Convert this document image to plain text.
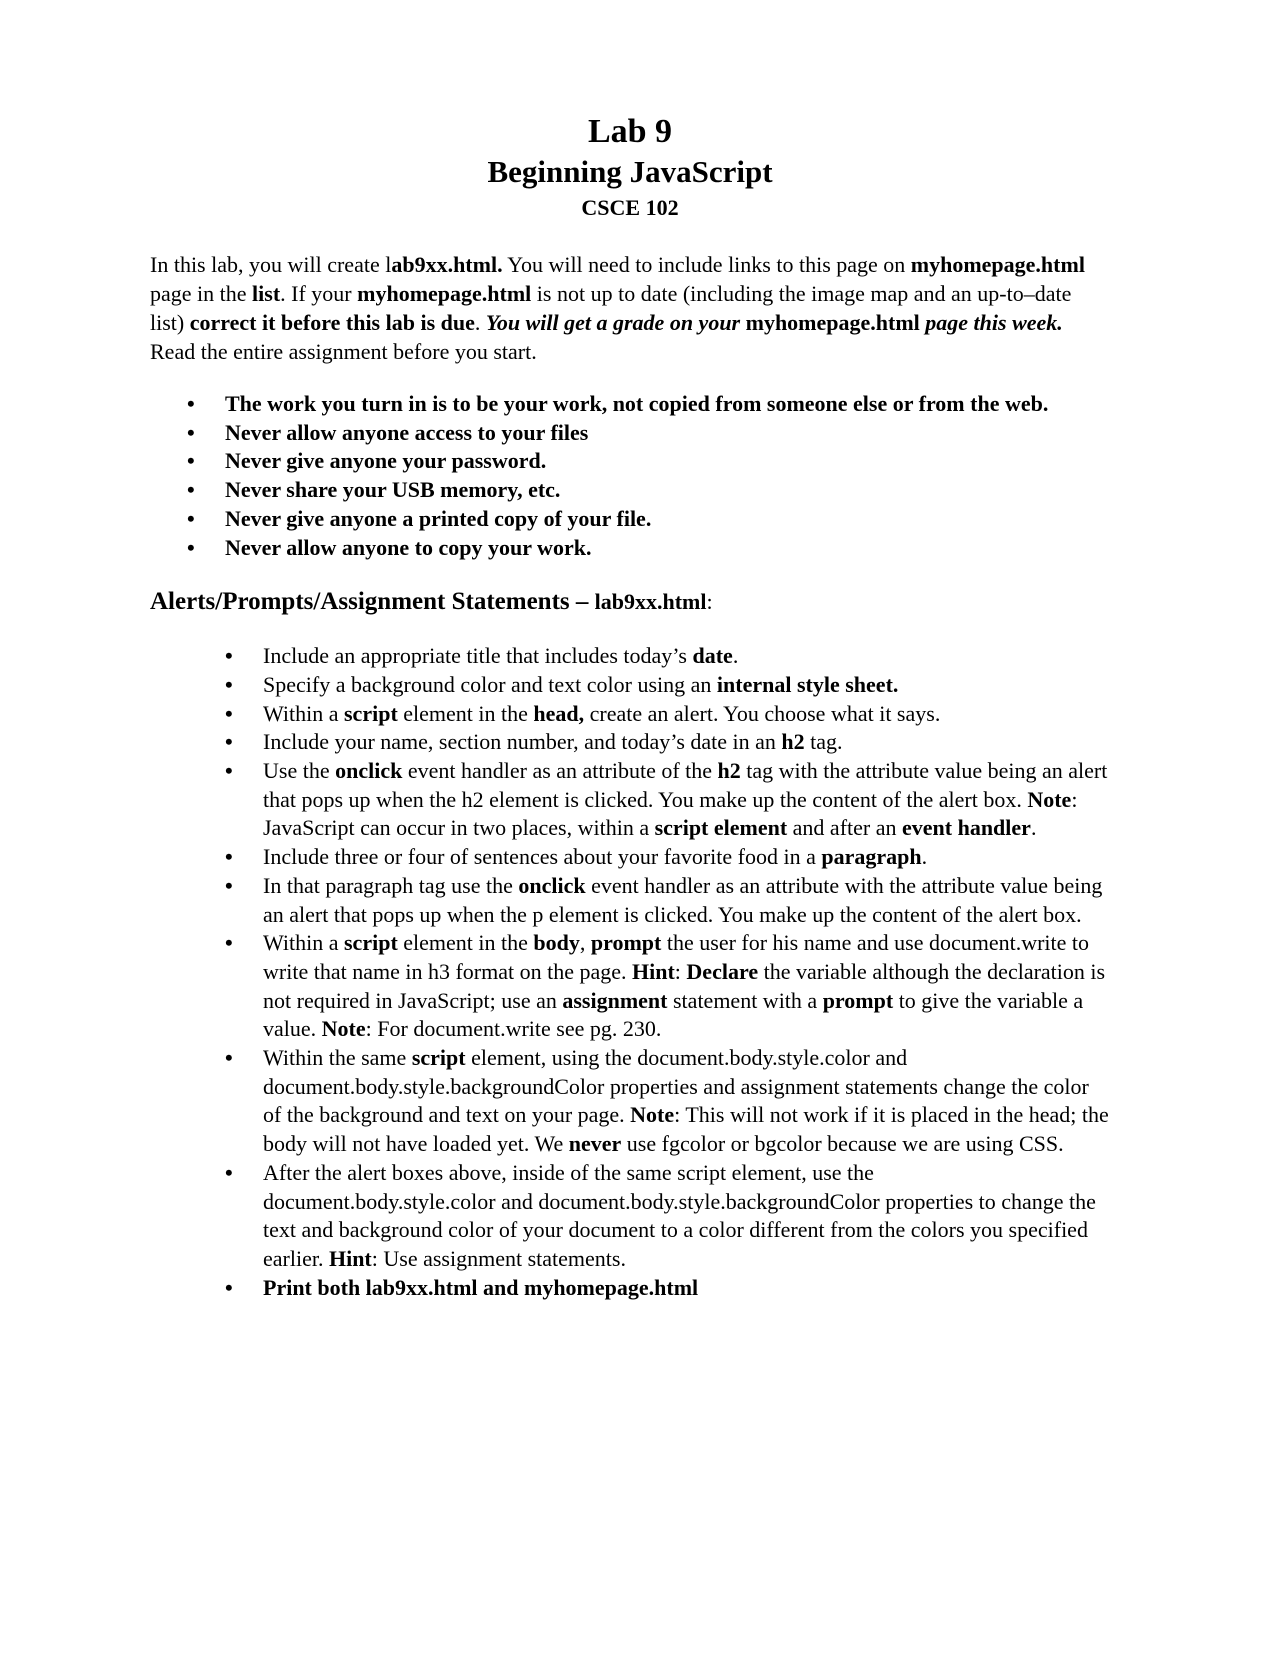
Lab 9

Beginning JavaScript

CSCE 102

In this lab, you will create lab9xx.html. You will need to include links to this page on myhomepage.html page in the list. If your myhomepage.html is not up to date (including the image map and an up-to–date list) correct it before this lab is due. You will get a grade on your myhomepage.html page this week. Read the entire assignment before you start.

• The work you turn in is to be your work, not copied from someone else or from the web.
• Never allow anyone access to your files
• Never give anyone your password.
• Never share your USB memory, etc.
• Never give anyone a printed copy of your file.
• Never allow anyone to copy your work.

Alerts/Prompts/Assignment Statements – lab9xx.html:

• Include an appropriate title that includes today’s date.
• Specify a background color and text color using an internal style sheet.
• Within a script element in the head, create an alert. You choose what it says.
• Include your name, section number, and today’s date in an h2 tag.
• Use the onclick event handler as an attribute of the h2 tag with the attribute value being an alert that pops up when the h2 element is clicked. You make up the content of the alert box. Note: JavaScript can occur in two places, within a script element and after an event handler.
• Include three or four of sentences about your favorite food in a paragraph.
• In that paragraph tag use the onclick event handler as an attribute with the attribute value being an alert that pops up when the p element is clicked. You make up the content of the alert box.
• Within a script element in the body, prompt the user for his name and use document.write to write that name in h3 format on the page. Hint: Declare the variable although the declaration is not required in JavaScript; use an assignment statement with a prompt to give the variable a value. Note: For document.write see pg. 230.
• Within the same script element, using the document.body.style.color and document.body.style.backgroundColor properties and assignment statements change the color of the background and text on your page. Note: This will not work if it is placed in the head; the body will not have loaded yet. We never use fgcolor or bgcolor because we are using CSS.
• After the alert boxes above, inside of the same script element, use the document.body.style.color and document.body.style.backgroundColor properties to change the text and background color of your document to a color different from the colors you specified earlier. Hint: Use assignment statements.
• Print both lab9xx.html and myhomepage.html
